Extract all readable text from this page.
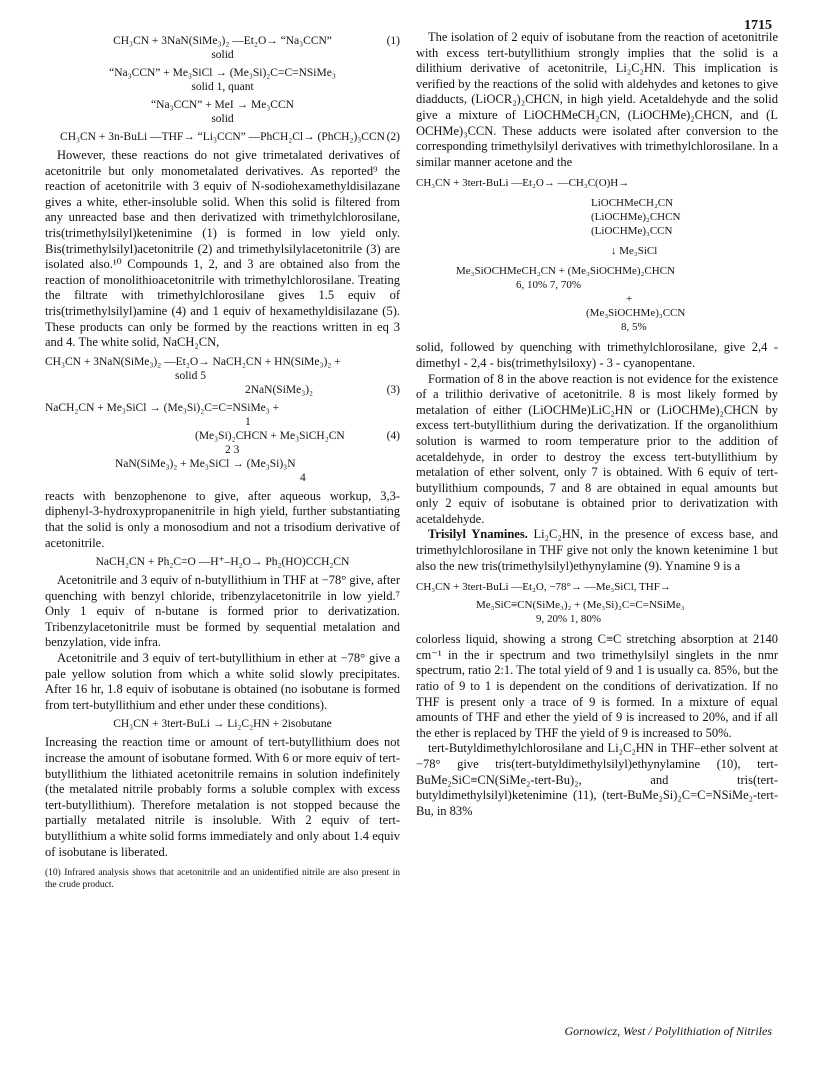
1715
CH₃CN + 3NaN(SiMe₃)₂ —Et₂O→ “Na₃CCN”
solid
(1)
“Na₃CCN” + Me₃SiCl → (Me₃Si)₂C=C=NSiMe₃
solid 1, quant
“Na₃CCN” + MeI → Me₃CCN
solid
CH₃CN + 3n-BuLi —THF→ “Li₃CCN” —PhCH₂Cl→ (PhCH₂)₃CCN (2)

However, these reactions do not give trimetalated derivatives of acetonitrile but only monometalated derivatives. As reported⁹ the reaction of acetonitrile with 3 equiv of N-sodiohexamethyldisilazane gives a white, ether-insoluble solid. When this solid is filtered from any unreacted base and then derivatized with trimethylchlorosilane, tris(trimethylsilyl)ketenimine (1) is formed in low yield only. Bis(trimethylsilyl)acetonitrile (2) and trimethylsilylacetonitrile (3) are isolated also.¹⁰ Compounds 1, 2, and 3 are obtained also from the reaction of monolithioacetonitrile with trimethylchlorosilane. Treating the filtrate with trimethylchlorosilane gives 1.5 equiv of tris(trimethylsilyl)amine (4) and 1 equiv of hexamethyldisilazane (5). These products can only be formed by the reactions written in eq 3 and 4. The white solid, NaCH₂CN,

CH₃CN + 3NaN(SiMe₃)₂ —Et₂O→ NaCH₂CN + HN(SiMe₃)₂ +
solid 5
2NaN(SiMe₃)₂	(3)
NaCH₂CN + Me₃SiCl → (Me₃Si)₂C=C=NSiMe₃ +
1
(Me₃Si)₂CHCN + Me₃SiCH₂CN
2 3
(4)
NaN(SiMe₃)₂ + Me₃SiCl → (Me₃Si)₃N
4

reacts with benzophenone to give, after aqueous workup, 3,3-diphenyl-3-hydroxypropanenitrile in high yield, further substantiating that the solid is only a monosodium and not a trisodium derivative of acetonitrile.

NaCH₂CN + Ph₂C=O —H⁺–H₂O→ Ph₂(HO)CCH₂CN

Acetonitrile and 3 equiv of n-butyllithium in THF at −78° give, after quenching with benzyl chloride, tribenzylacetonitrile in low yield.⁷ Only 1 equiv of n-butane is formed prior to derivatization. Tribenzylacetonitrile must be formed by sequential metalation and benzylation, vide infra.

Acetonitrile and 3 equiv of tert-butyllithium in ether at −78° give a pale yellow solution from which a white solid slowly precipitates. After 16 hr, 1.8 equiv of isobutane is obtained (no isobutane is formed from tert-butyllithium and ether under these conditions).

CH₃CN + 3tert-BuLi → Li₂C₂HN + 2isobutane

Increasing the reaction time or amount of tert-butyllithium does not increase the amount of isobutane formed. With 6 or more equiv of tert-butyllithium the lithiated acetonitrile remains in solution indefinitely (the metalated nitrile probably forms a soluble complex with excess tert-butyllithium). Therefore metalation is not stopped because the partially metalated nitrile is insoluble. With 2 equiv of tert-butyllithium a white solid forms immediately and only about 1.4 equiv of isobutane is liberated.

(10) Infrared analysis shows that acetonitrile and an unidentified nitrile are also present in the crude product.

The isolation of 2 equiv of isobutane from the reaction of acetonitrile with excess tert-butyllithium strongly implies that the solid is a dilithium derivative of acetonitrile, Li₂C₂HN. This implication is verified by the reactions of the solid with aldehydes and ketones to give diadducts, (LiOCR₂)₂CHCN, in high yield. Acetaldehyde and the solid give a mixture of LiOCHMeCH₂CN, (LiOCHMe)₂CHCN, and (L OCHMe)₃CCN. These adducts were isolated after conversion to the corresponding trimethylsilyl derivatives with trimethylchlorosilane. In a similar manner acetone and the

CH₃CN + 3tert-BuLi —Et₂O→ —CH₃C(O)H→
LiOCHMeCH₂CN
(LiOCHMe)₂CHCN
(LiOCHMe)₃CCN
↓ Me₃SiCl
Me₃SiOCHMeCH₂CN + (Me₃SiOCHMe)₂CHCN
6, 10% 7, 70%
+
(Me₃SiOCHMe)₃CCN
8, 5%

solid, followed by quenching with trimethylchlorosilane, give 2,4 - dimethyl - 2,4 - bis(trimethylsiloxy) - 3 - cyanopentane.

Formation of 8 in the above reaction is not evidence for the existence of a trilithio derivative of acetonitrile. 8 is most likely formed by metalation of either (LiOCHMe)LiC₂HN or (LiOCHMe)₂CHCN by excess tert-butyllithium during the derivatization. If the organolithium solution is warmed to room temperature prior to the addition of acetaldehyde, in order to destroy the excess tert-butyllithium by metalation of ether solvent, only 7 is obtained. With 6 equiv of tert-butyllithium compounds, 7 and 8 are obtained in equal amounts but only 2 equiv of isobutane is obtained prior to derivatization with acetaldehyde.

Trisilyl Ynamines. Li₂C₂HN, in the presence of excess base, and trimethylchlorosilane in THF give not only the known ketenimine 1 but also the new tris(trimethylsilyl)ethynylamine (9). Ynamine 9 is a

CH₃CN + 3tert-BuLi —Et₂O, −78°→ —Me₃SiCl, THF→
Me₃SiC≡CN(SiMe₃)₂ + (Me₃Si)₂C=C=NSiMe₃
9, 20% 1, 80%

colorless liquid, showing a strong C≡C stretching absorption at 2140 cm⁻¹ in the ir spectrum and two trimethylsilyl singlets in the nmr spectrum, ratio 2:1. The total yield of 9 and 1 is usually ca. 85%, but the ratio of 9 to 1 is dependent on the conditions of derivatization. If no THF is present only a trace of 9 is formed. In a mixture of equal amounts of THF and ether the yield of 9 is increased to 20%, and if all the ether is replaced by THF the yield of 9 is increased to 50%.

tert-Butyldimethylchlorosilane and Li₂C₂HN in THF–ether solvent at −78° give tris(tert-butyldimethylsilyl)ethynylamine (10), tert-BuMe₂SiC≡CN(SiMe₂-tert-Bu)₂, and tris(tert-butyldimethylsilyl)ketenimine (11), (tert-BuMe₂Si)₂C=C=NSiMe₂-tert-Bu, in 83%

Gornowicz, West / Polylithiation of Nitriles
